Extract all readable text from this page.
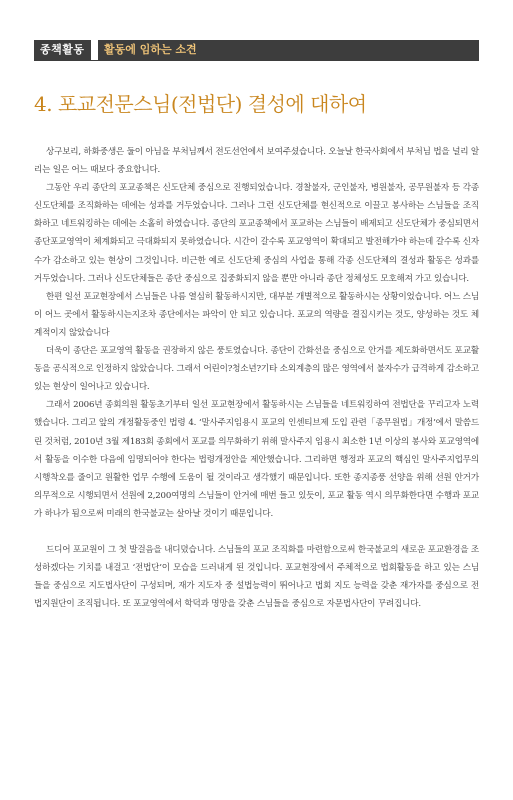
종책활동	활동에 임하는 소견
4. 포교전문스님(전법단) 결성에 대하여

상구보리, 하화중생은 둘이 아님을 부처님께서 전도선언에서 보여주셨습니다. 오늘날 한국사회에서 부처님 법을 널리 알리는 일은 어느 때보다 중요합니다.

그동안 우리 종단의 포교종책은 신도단체 중심으로 진행되었습니다. 경찰불자, 군인불자, 병원불자, 공무원불자 등 각종 신도단체를 조직화하는 데에는 성과를 거두었습니다. 그러나 그런 신도단체를 현신적으로 이끌고 봉사하는 스님들을 조직화하고 네트워킹하는 데에는 소홀히 하였습니다. 종단의 포교종책에서 포교하는 스님들이 배제되고 신도단체가 중심되면서 종단포교영역이 체계화되고 극대화되지 못하였습니다. 시간이 갈수록 포교영역이 확대되고 발전해가야 하는데 갈수록 신자 수가 감소하고 있는 현상이 그것입니다. 비근한 예로 신도단체 중심의 사업을 통해 각종 신도단체의 결성과 활동은 성과를 거두었습니다. 그러나 신도단체들은 종단 중심으로 집중화되지 않을 뿐만 아니라 종단 정체성도 모호해져 가고 있습니다.

한편 일선 포교현장에서 스님들은 나름 열심히 활동하시지만, 대부분 개별적으로 활동하시는 상황이었습니다. 어느 스님이 어느 곳에서 활동하시는지조차 종단에서는 파악이 안 되고 있습니다. 포교의 역량을 결집시키는 것도, 양성하는 것도 체계적이지 않았습니다

더욱이 종단은 포교영역 활동을 권장하지 않은 풍토였습니다. 종단이 간화선을 중심으로 안거를 제도화하면서도 포교활동을 공식적으로 인정하지 않았습니다. 그래서 어린이?청소년?기타 소외계층의 많은 영역에서 불자수가 급격하게 감소하고 있는 현상이 일어나고 있습니다.

그래서 2006년 종회의원 활동초기부터 일선 포교현장에서 활동하시는 스님들을 네트워킹하여 전법단을 꾸리고자 노력했습니다. 그리고 앞의 개정활동중인 법령 4. ‘말사주지임용시 포교의 인센티브제 도입 관련「종무원법」개정’에서 말씀드린 것처럼, 2010년 3월 제183회 종회에서 포교를 의무화하기 위해 말사주지 임용시 최소한 1년 이상의 봉사와 포교영역에서 활동을 이수한 다음에 임명되어야 한다는 법령개정안을 제안했습니다. 그리하면 행정과 포교의 핵심인 말사주지업무의 시행착오를 줄이고 원활한 업무 수행에 도움이 될 것이라고 생각했기 때문입니다. 또한 종지종풍 선양을 위해 선원 안거가 의무적으로 시행되면서 선원에 2,200여명의 스님들이 안거에 매번 들고 있듯이, 포교 활동 역시 의무화한다면 수행과 포교가 하나가 됨으로써 미래의 한국불교는 살아날 것이기 때문입니다.

드디어 포교원이 그 첫 발걸음을 내디뎠습니다. 스님들의 포교 조직화를 마련함으로써 한국불교의 새로운 포교환경을 조성하겠다는 기치를 내걸고 ‘전법단’이 모습을 드러내게 된 것입니다. 포교현장에서 주체적으로 법회활동을 하고 있는 스님들을 중심으로 지도법사단이 구성되며, 재가 지도자 중 설법능력이 뛰어나고 법회 지도 능력을 갖춘 재가자를 중심으로 전법지원단이 조직됩니다. 또 포교영역에서 학덕과 명망을 갖춘 스님들을 중심으로 자문법사단이 꾸려집니다.
